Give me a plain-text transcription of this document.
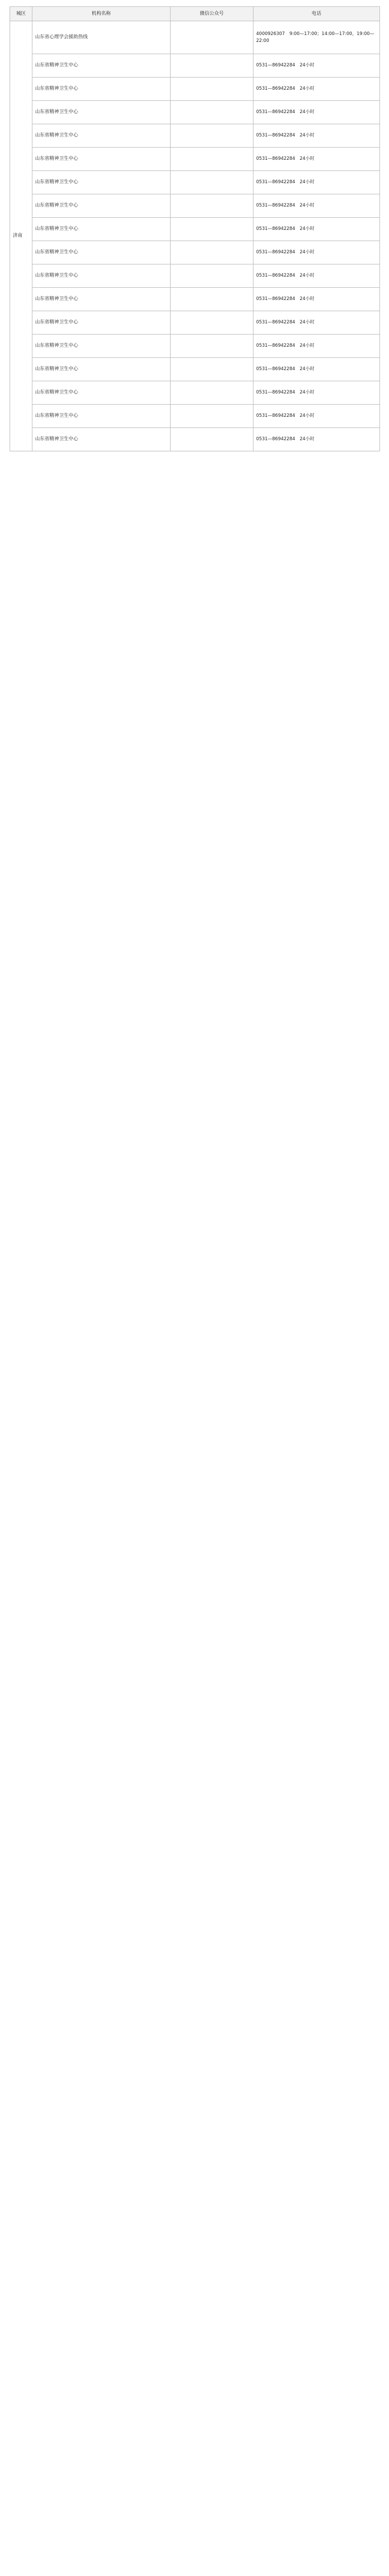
城区	机构名称	微信公众号	电话
济南	山东省心理学会援助热线		4000926307　9:00—17:00；14:00—17:00，19:00—22:00
	山东省精神卫生中心		0531—86942284　24小时
	山东省精神卫生中心		0531—86942284　24小时
	山东省精神卫生中心		0531—86942284　24小时
	山东省精神卫生中心		0531—86942284　24小时
	山东省精神卫生中心		0531—86942284　24小时
	山东省精神卫生中心		0531—86942284　24小时
	山东省精神卫生中心		0531—86942284　24小时
	山东省精神卫生中心		0531—86942284　24小时
	山东省精神卫生中心		0531—86942284　24小时
	山东省精神卫生中心		0531—86942284　24小时
	山东省精神卫生中心		0531—86942284　24小时
	山东省精神卫生中心		0531—86942284　24小时
	山东省精神卫生中心		0531—86942284　24小时
	山东省精神卫生中心		0531—86942284　24小时
	山东省精神卫生中心		0531—86942284　24小时
	山东省精神卫生中心		0531—86942284　24小时
	山东省精神卫生中心		0531—86942284　24小时
